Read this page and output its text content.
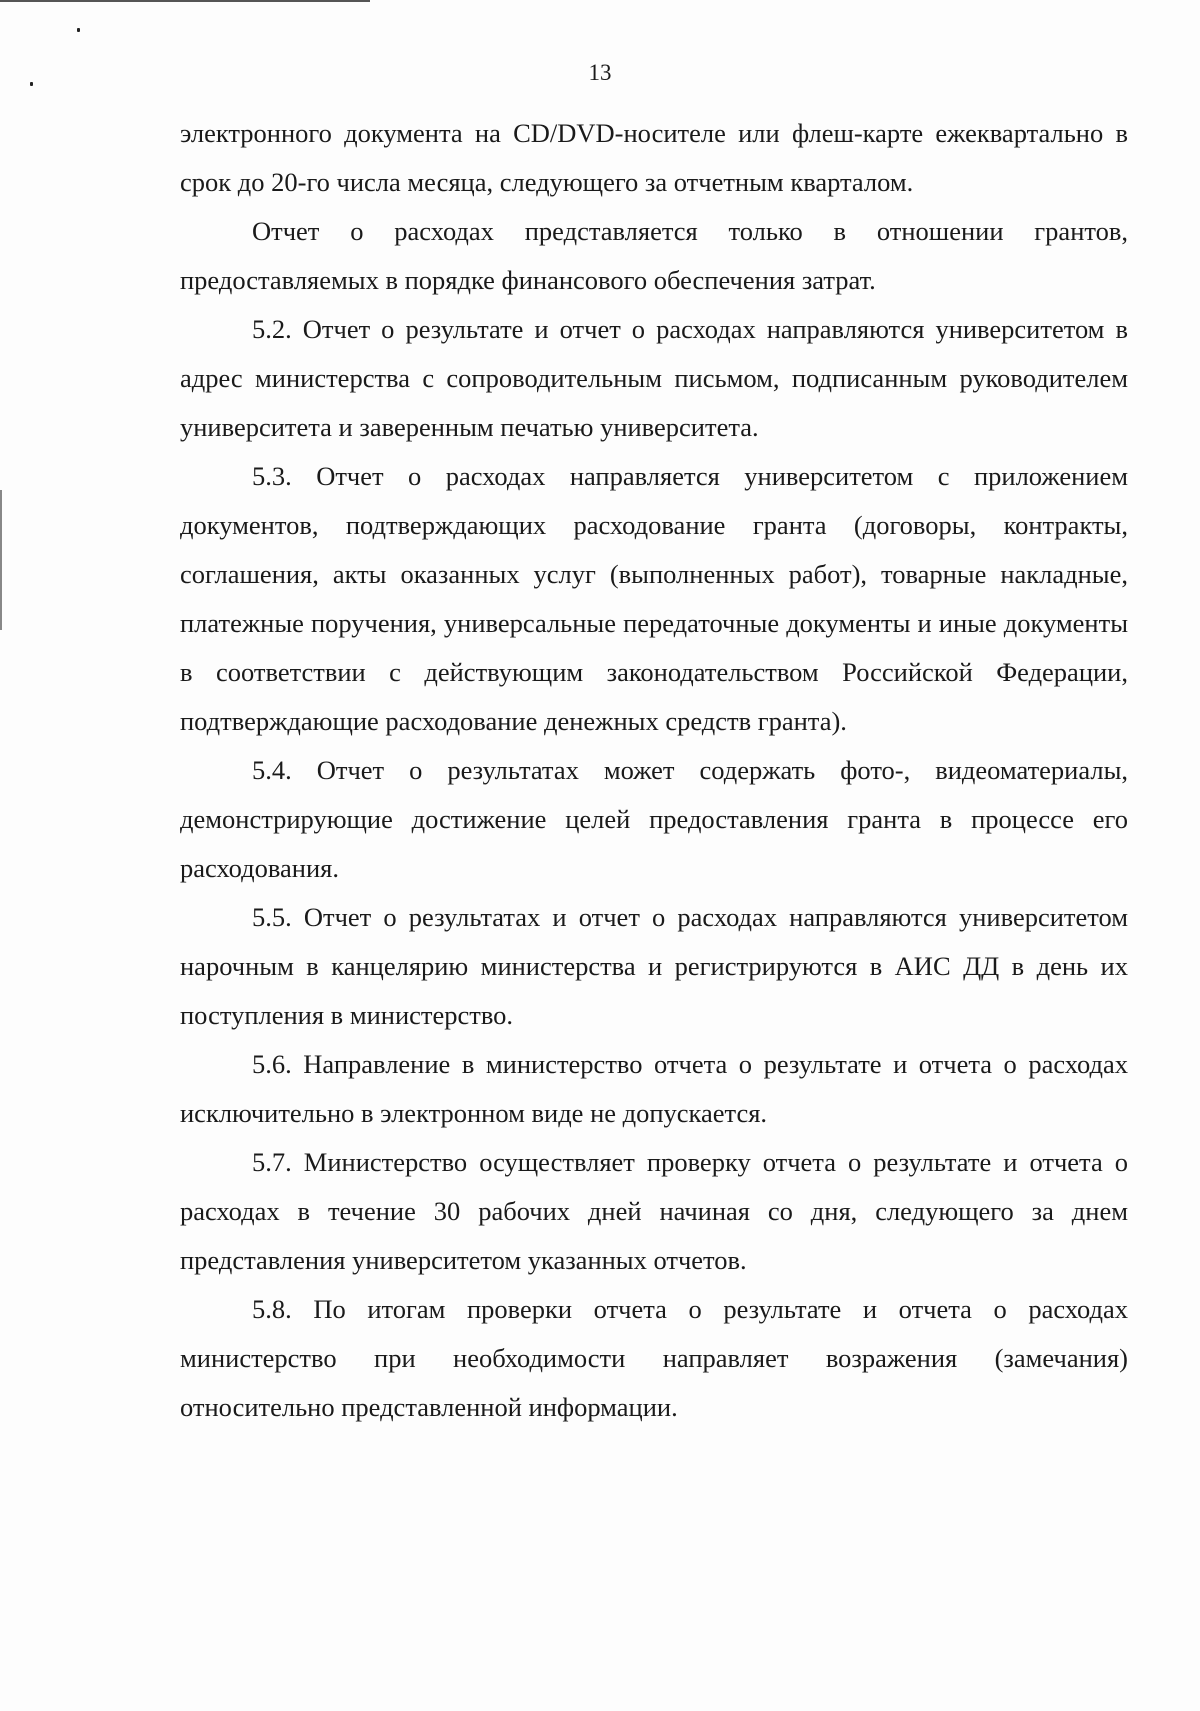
13

электронного документа на CD/DVD-носителе или флеш-карте ежеквартально в срок до 20-го числа месяца, следующего за отчетным кварталом.

Отчет о расходах представляется только в отношении грантов, предоставляемых в порядке финансового обеспечения затрат.

5.2. Отчет о результате и отчет о расходах направляются университетом в адрес министерства с сопроводительным письмом, подписанным руководителем университета и заверенным печатью университета.

5.3. Отчет о расходах направляется университетом с приложением документов, подтверждающих расходование гранта (договоры, контракты, соглашения, акты оказанных услуг (выполненных работ), товарные накладные, платежные поручения, универсальные передаточные документы и иные документы в соответствии с действующим законодательством Российской Федерации, подтверждающие расходование денежных средств гранта).

5.4. Отчет о результатах может содержать фото-, видеоматериалы, демонстрирующие достижение целей предоставления гранта в процессе его расходования.

5.5. Отчет о результатах и отчет о расходах направляются университетом нарочным в канцелярию министерства и регистрируются в АИС ДД в день их поступления в министерство.

5.6. Направление в министерство отчета о результате и отчета о расходах исключительно в электронном виде не допускается.

5.7. Министерство осуществляет проверку отчета о результате и отчета о расходах в течение 30 рабочих дней начиная со дня, следующего за днем представления университетом указанных отчетов.

5.8. По итогам проверки отчета о результате и отчета о расходах министерство при необходимости направляет возражения (замечания) относительно представленной информации.
